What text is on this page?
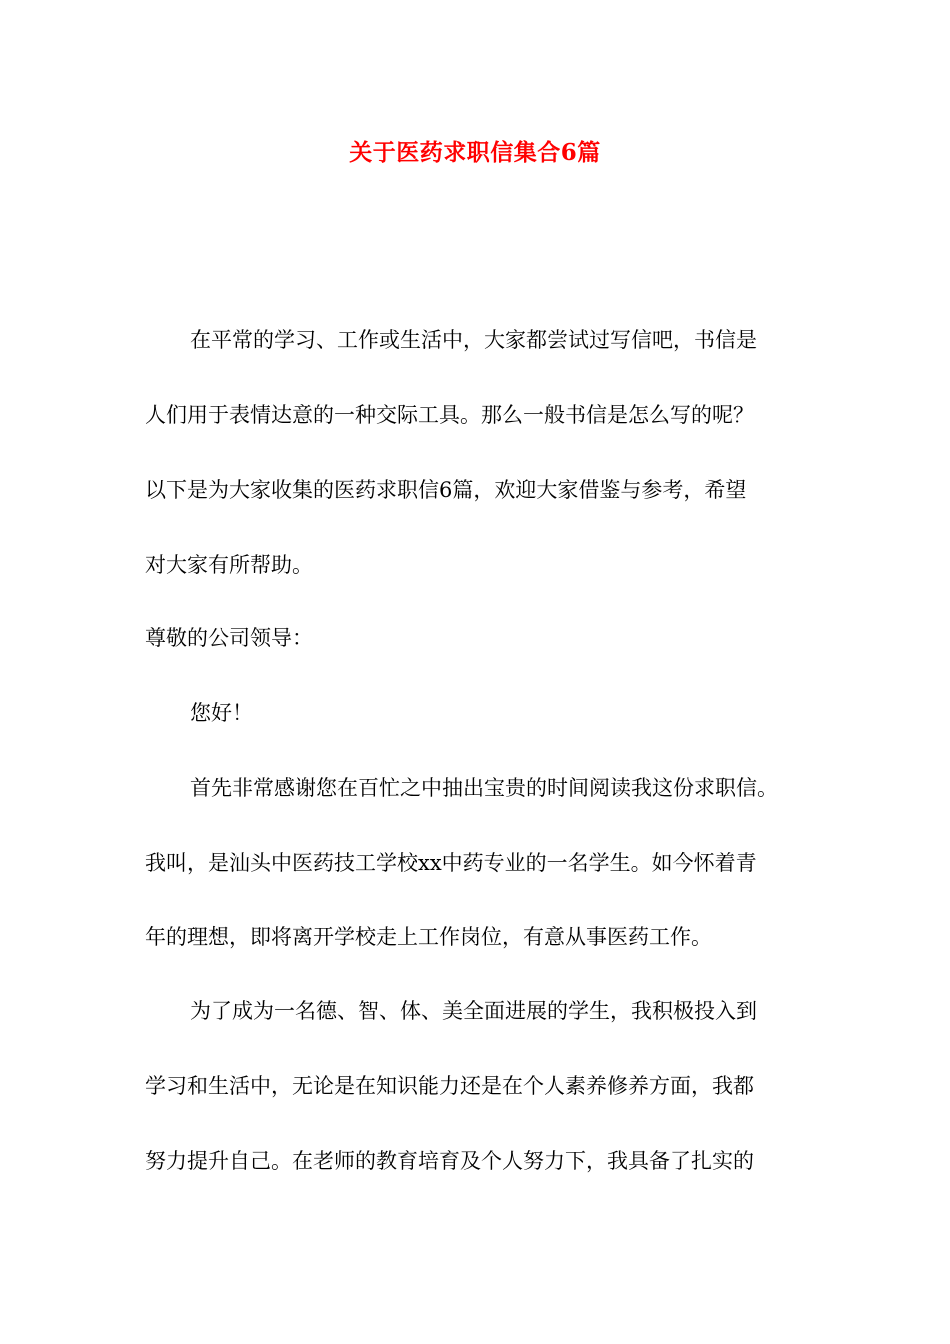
关于医药求职信集合6篇
在平常的学习、工作或生活中，大家都尝试过写信吧，书信是
人们用于表情达意的一种交际工具。那么一般书信是怎么写的呢？
以下是为大家收集的医药求职信6篇，欢迎大家借鉴与参考，希望
对大家有所帮助。
尊敬的公司领导：
您好！
首先非常感谢您在百忙之中抽出宝贵的时间阅读我这份求职信。
我叫，是汕头中医药技工学校xx中药专业的一名学生。如今怀着青
年的理想，即将离开学校走上工作岗位，有意从事医药工作。
为了成为一名德、智、体、美全面进展的学生，我积极投入到
学习和生活中，无论是在知识能力还是在个人素养修养方面，我都
努力提升自己。在老师的教育培育及个人努力下，我具备了扎实的
